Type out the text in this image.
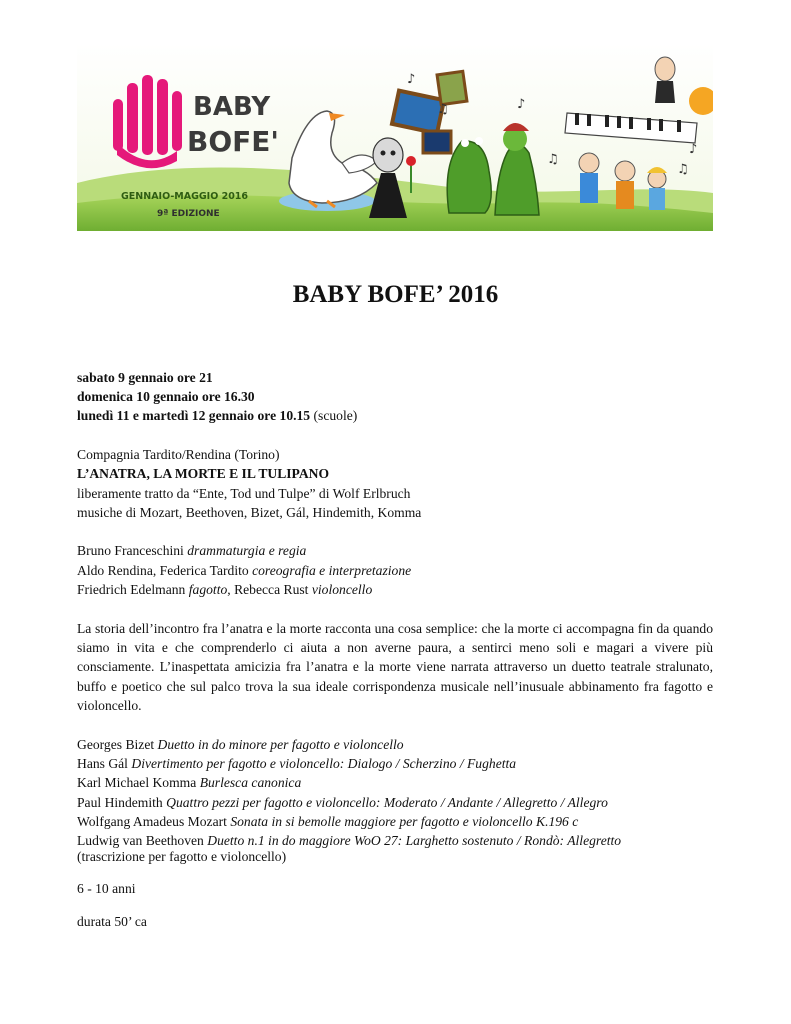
BABY
BOFE'
GENNAIO-MAGGIO 2016
9ª EDIZIONE
♪
♫	♪
♫
♪
♫
BABY BOFE’ 2016

sabato 9 gennaio ore 21

domenica 10 gennaio ore 16.30

lunedì 11 e martedì 12 gennaio ore 10.15 (scuole)

Compagnia Tardito/Rendina (Torino)

L’ANATRA, LA MORTE E IL TULIPANO

liberamente tratto da “Ente, Tod und Tulpe” di Wolf Erlbruch

musiche di Mozart, Beethoven, Bizet, Gál, Hindemith, Komma

Bruno Franceschini drammaturgia e regia

Aldo Rendina, Federica Tardito coreografia e interpretazione

Friedrich Edelmann fagotto, Rebecca Rust violoncello

La storia dell’incontro fra l’anatra e la morte racconta una cosa semplice: che la morte ci accompagna fin da quando siamo in vita e che comprenderlo ci aiuta a non averne paura, a sentirci meno soli e magari a vivere più consciamente. L’inaspettata amicizia fra l’anatra e la morte viene narrata attraverso un duetto teatrale stralunato, buffo e poetico che sul palco trova la sua ideale corrispondenza musicale nell’inusuale abbinamento fra fagotto e violoncello.

Georges Bizet Duetto in do minore per fagotto e violoncello

Hans Gál Divertimento per fagotto e violoncello: Dialogo / Scherzino / Fughetta

Karl Michael Komma Burlesca canonica

Paul Hindemith Quattro pezzi per fagotto e violoncello: Moderato / Andante / Allegretto / Allegro

Wolfgang Amadeus Mozart Sonata in si bemolle maggiore per fagotto e violoncello K.196 c

Ludwig van Beethoven Duetto n.1 in do maggiore WoO 27: Larghetto sostenuto / Rondò: Allegretto

(trascrizione per fagotto e violoncello)

6 - 10 anni

durata 50’ ca
